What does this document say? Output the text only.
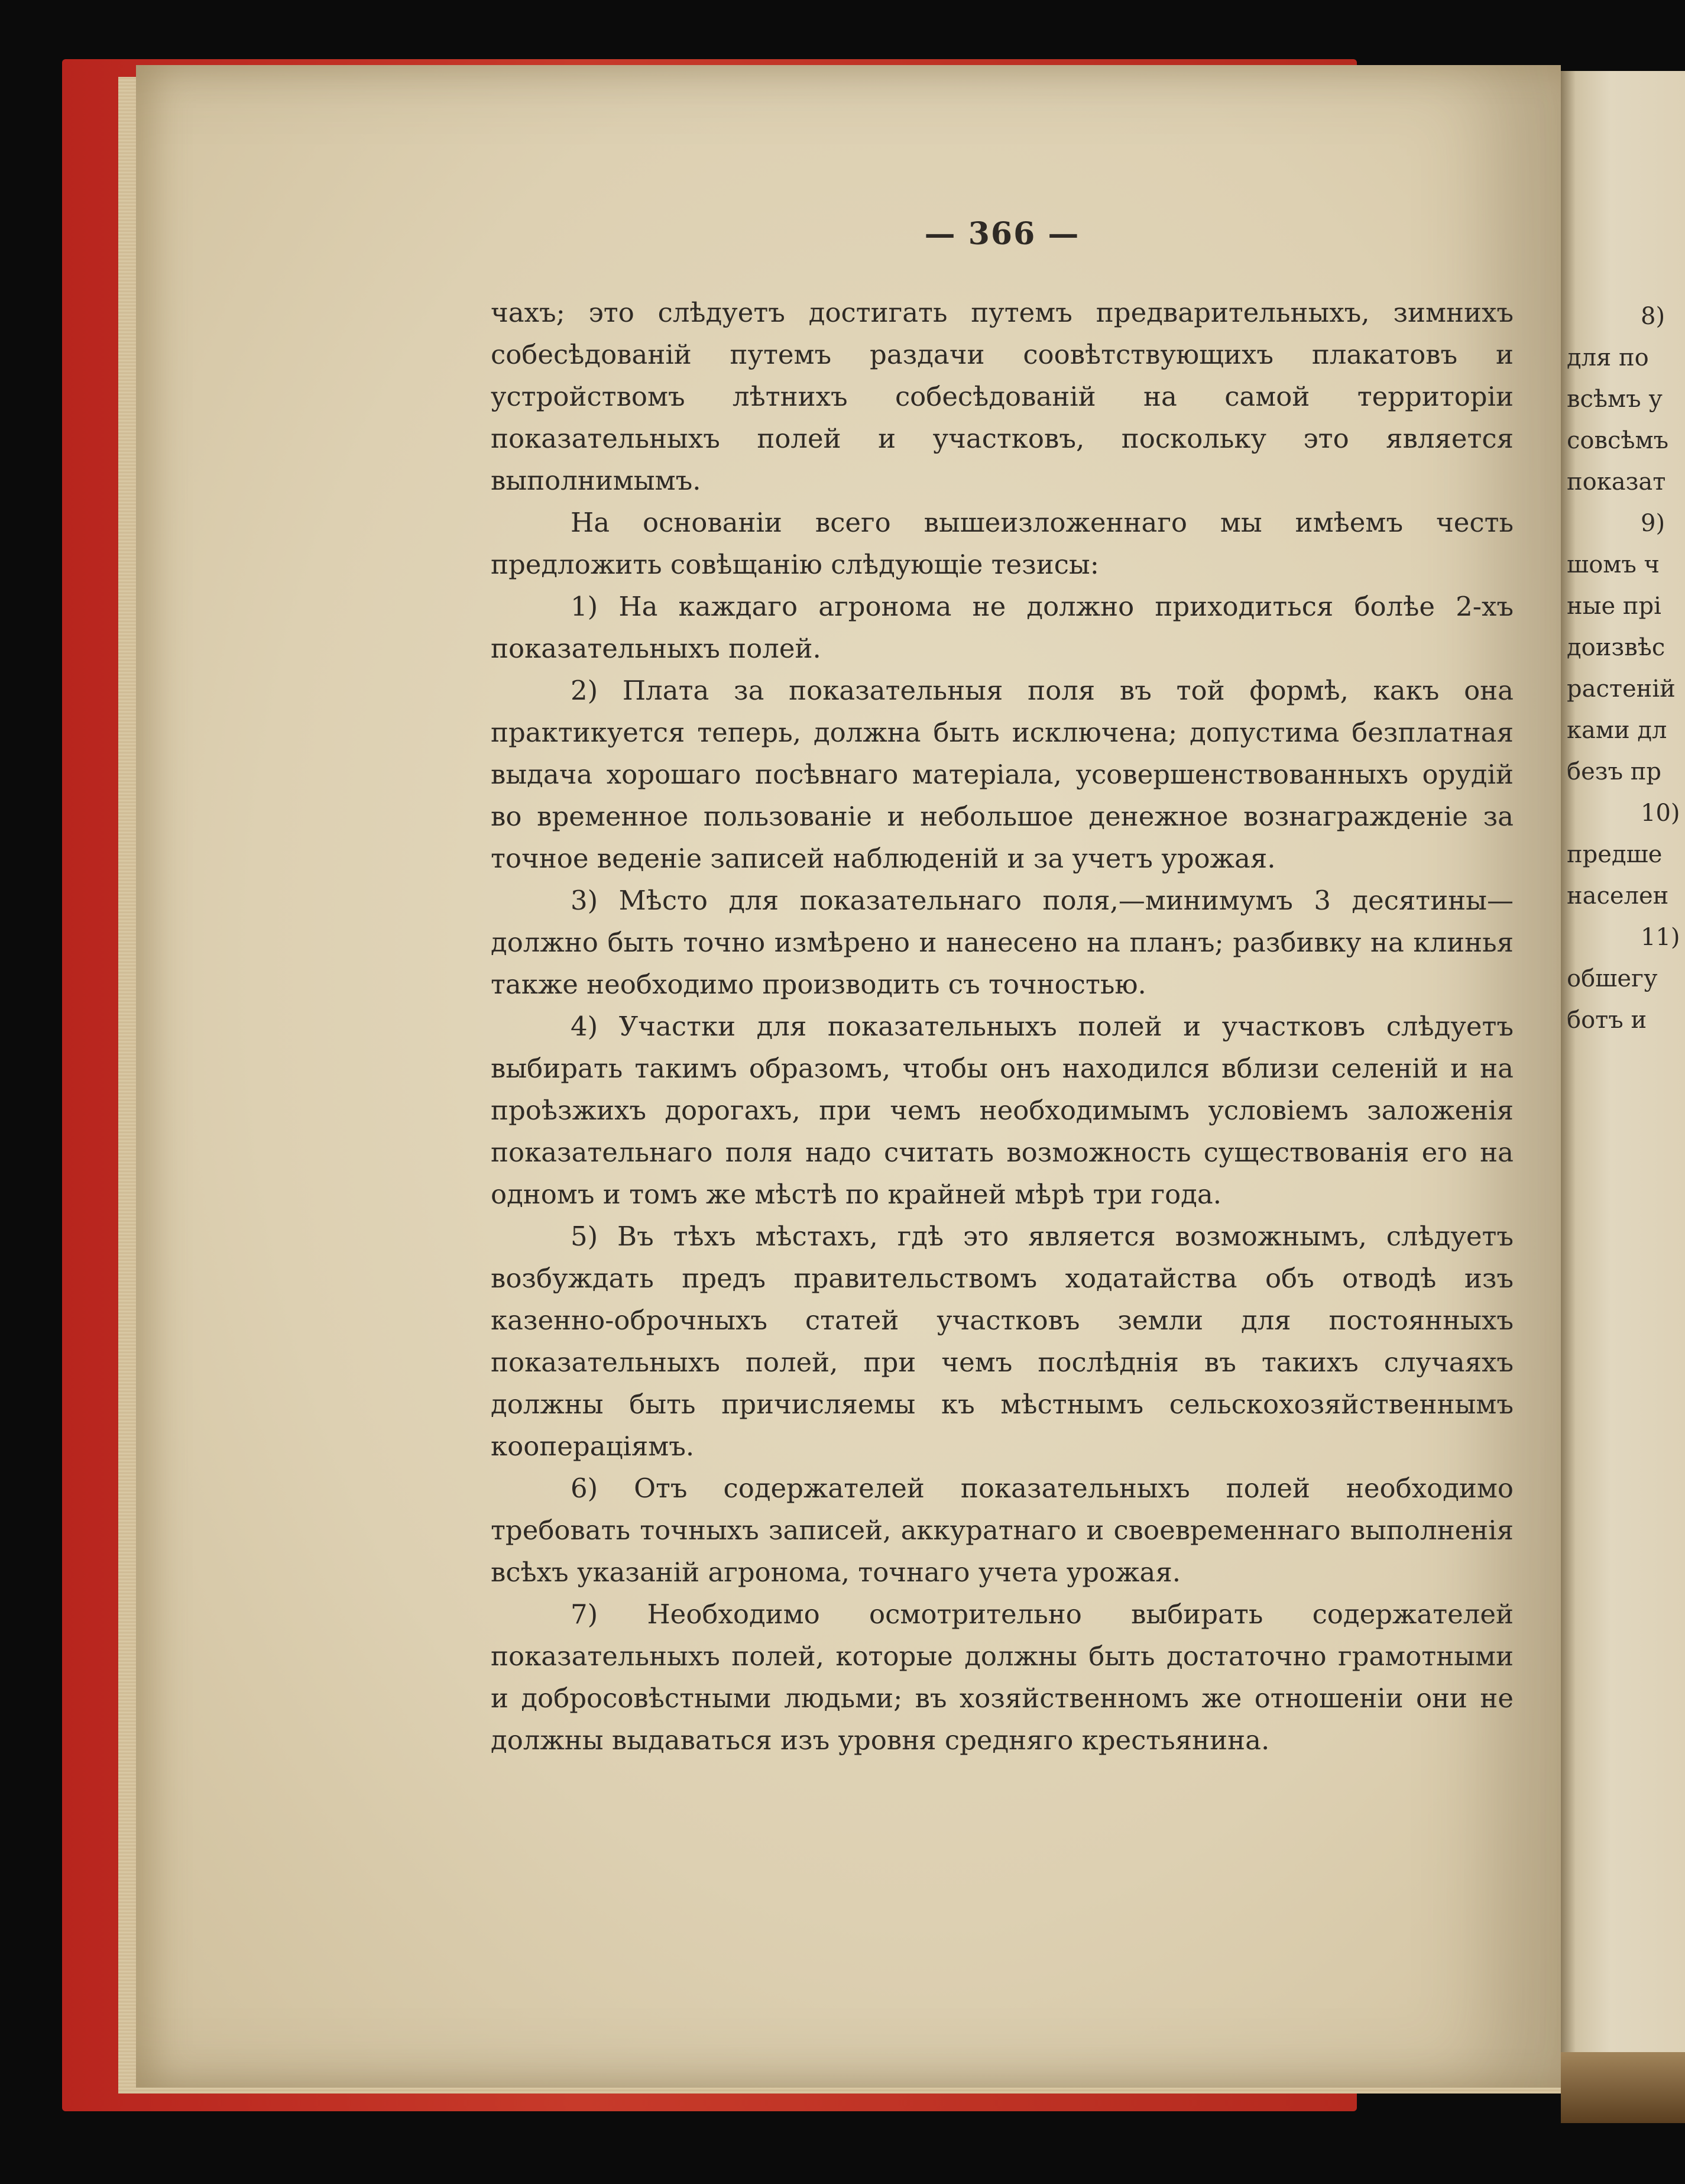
— 366 —

чахъ; это слѣдуетъ достигать путемъ предварительныхъ, зимнихъ собесѣдованій путемъ раздачи соовѣтствующихъ плакатовъ и устройствомъ лѣтнихъ собесѣдованій на самой территоріи показательныхъ полей и участковъ, поскольку это является выполнимымъ.

На основаніи всего вышеизложеннаго мы имѣемъ честь предложить совѣщанію слѣдующіе тезисы:

1) На каждаго агронома не должно приходиться болѣе 2-хъ показательныхъ полей.

2) Плата за показательныя поля въ той формѣ, какъ она практикуется теперь, должна быть исключена; допустима безплатная выдача хорошаго посѣвнаго матеріала, усовершенствованныхъ орудій во временное пользованіе и небольшое денежное вознагражденіе за точное веденіе записей наблюденій и за учетъ урожая.

3) Мѣсто для показательнаго поля,—минимумъ 3 десятины—должно быть точно измѣрено и нанесено на планъ; разбивку на клинья также необходимо производить съ точностью.

4) Участки для показательныхъ полей и участковъ слѣдуетъ выбирать такимъ образомъ, чтобы онъ находился вблизи селеній и на проѣзжихъ дорогахъ, при чемъ необходимымъ условіемъ заложенія показательнаго поля надо считать возможность существованія его на одномъ и томъ же мѣстѣ по крайней мѣрѣ три года.

5) Въ тѣхъ мѣстахъ, гдѣ это является возможнымъ, слѣдуетъ возбуждать предъ правительствомъ ходатайства объ отводѣ изъ казенно-оброчныхъ статей участковъ земли для постоянныхъ показательныхъ полей, при чемъ послѣднія въ такихъ случаяхъ должны быть причисляемы къ мѣстнымъ сельскохозяйственнымъ кооперацiямъ.

6) Отъ содержателей показательныхъ полей необходимо требовать точныхъ записей, аккуратнаго и своевременнаго выполненія всѣхъ указаній агронома, точнаго учета урожая.

7) Необходимо осмотрительно выбирать содержателей показательныхъ полей, которые должны быть достаточно грамотными и добросовѣстными людьми; въ хозяйственномъ же отношеніи они не должны выдаваться изъ уровня средняго крестьянина.

8)
для по
всѣмъ у
совсѣмъ
показат
9)
шомъ ч
ные прі
доизвѣс
растеній
ками дл
безъ пр
10)
предше
населен
11)
обшегу
ботъ и
